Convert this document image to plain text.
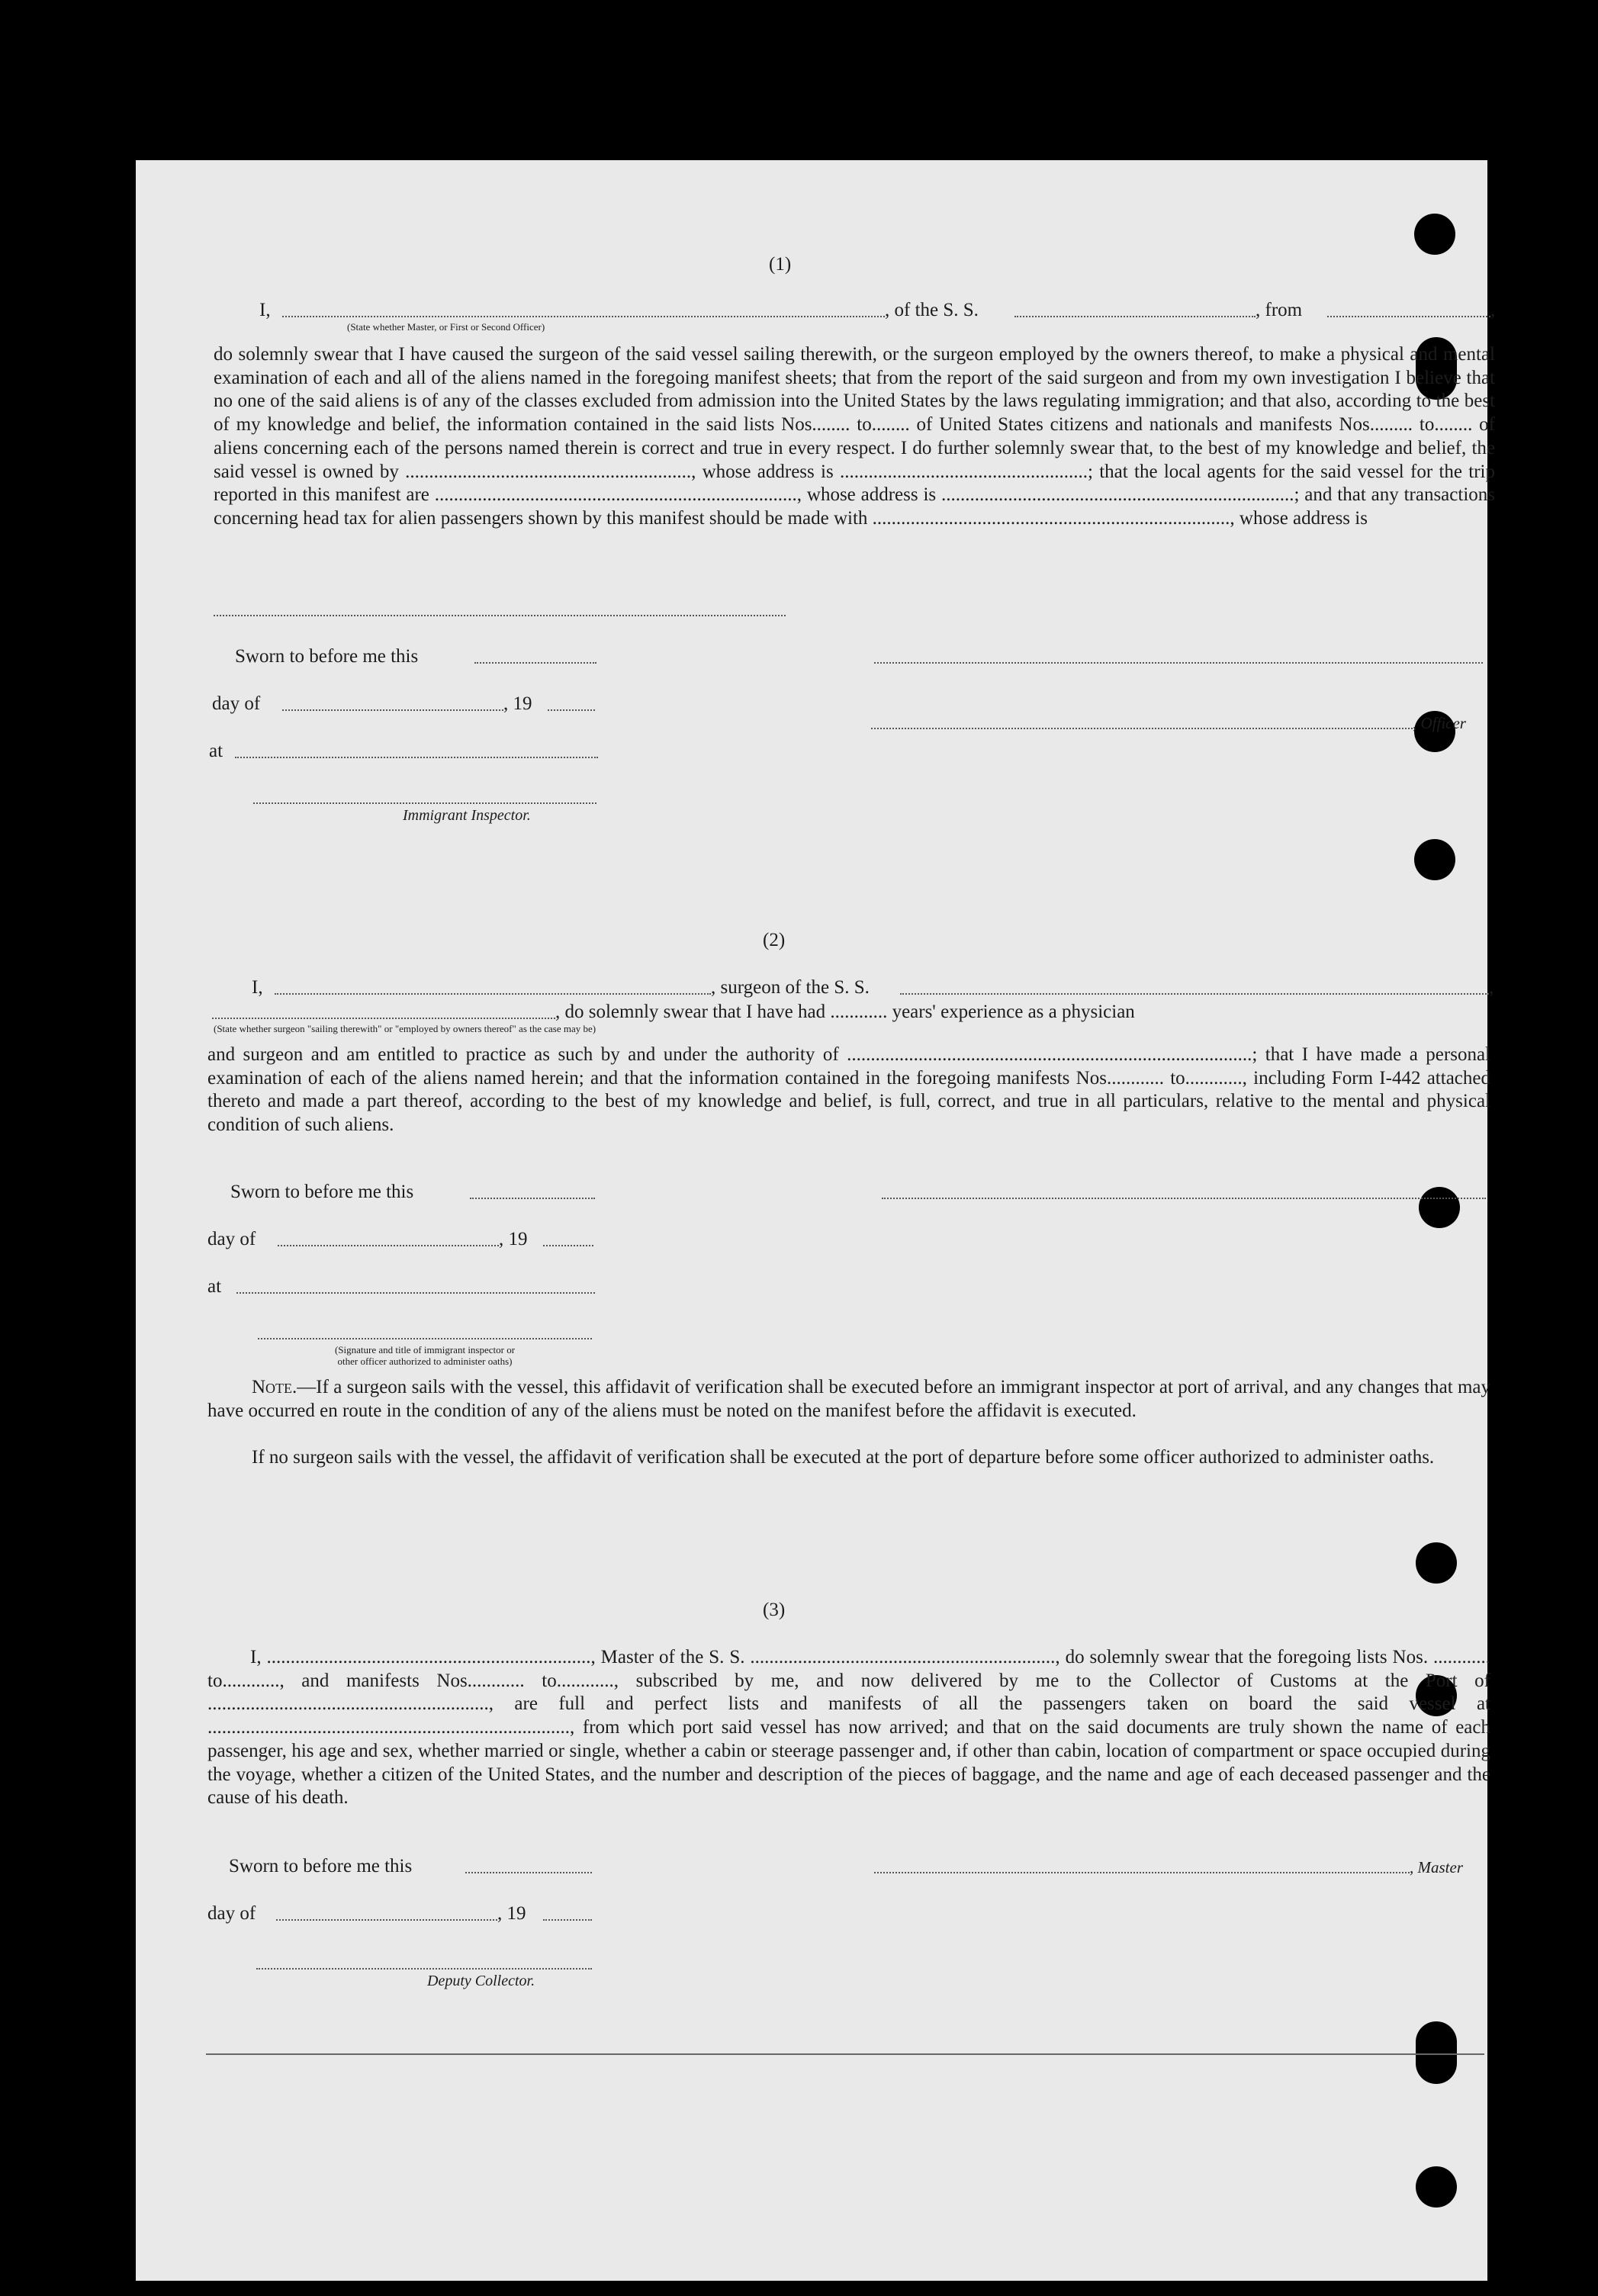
(1)
I,	, of the S. S.	, from	,
(State whether Master, or First or Second Officer)
do solemnly swear that I have caused the surgeon of the said vessel sailing therewith, or the surgeon employed by the owners thereof, to make a physical and mental examination of each and all of the aliens named in the foregoing manifest sheets; that from the report of the said surgeon and from my own investigation I believe that no one of the said aliens is of any of the classes excluded from admission into the United States by the laws regulating immigration; and that also, according to the best of my knowledge and belief, the information contained in the said lists Nos........ to........ of United States citizens and nationals and manifests Nos......... to........ of aliens concerning each of the persons named therein is correct and true in every respect. I do further solemnly swear that, to the best of my knowledge and belief, the said vessel is owned by ............................................................, whose address is ....................................................; that the local agents for the said vessel for the trip reported in this manifest are ............................................................................, whose address is ..........................................................................; and that any transactions concerning head tax for alien passengers shown by this manifest should be made with ..........................................................................., whose address is
Sworn to before me this
day of	, 19
, Officer
at
Immigrant Inspector.
(2)
I,	, surgeon of the S. S.	,
, do solemnly swear that I have had ............ years' experience as a physician
(State whether surgeon "sailing therewith" or "employed by owners thereof" as the case may be)
and surgeon and am entitled to practice as such by and under the authority of .....................................................................................; that I have made a personal examination of each of the aliens named herein; and that the information contained in the foregoing manifests Nos............ to............, including Form I-442 attached thereto and made a part thereof, according to the best of my knowledge and belief, is full, correct, and true in all particulars, relative to the mental and physical condition of such aliens.
Sworn to before me this
day of	, 19
at
(Signature and title of immigrant inspector or
other officer authorized to administer oaths)
Note.—If a surgeon sails with the vessel, this affidavit of verification shall be executed before an immigrant inspector at port of arrival, and any changes that may have occurred en route in the condition of any of the aliens must be noted on the manifest before the affidavit is executed.
If no surgeon sails with the vessel, the affidavit of verification shall be executed at the port of departure before some officer authorized to administer oaths.
(3)
I, ...................................................................., Master of the S. S. ................................................................, do solemnly swear that the foregoing lists Nos. ............ to............, and manifests Nos............ to............, subscribed by me, and now delivered by me to the Collector of Customs at the Port of ..........................................................., are full and perfect lists and manifests of all the passengers taken on board the said vessel at ............................................................................, from which port said vessel has now arrived; and that on the said documents are truly shown the name of each passenger, his age and sex, whether married or single, whether a cabin or steerage passenger and, if other than cabin, location of compartment or space occupied during the voyage, whether a citizen of the United States, and the number and description of the pieces of baggage, and the name and age of each deceased passenger and the cause of his death.
Sworn to before me this	, Master
day of	, 19
Deputy Collector.
